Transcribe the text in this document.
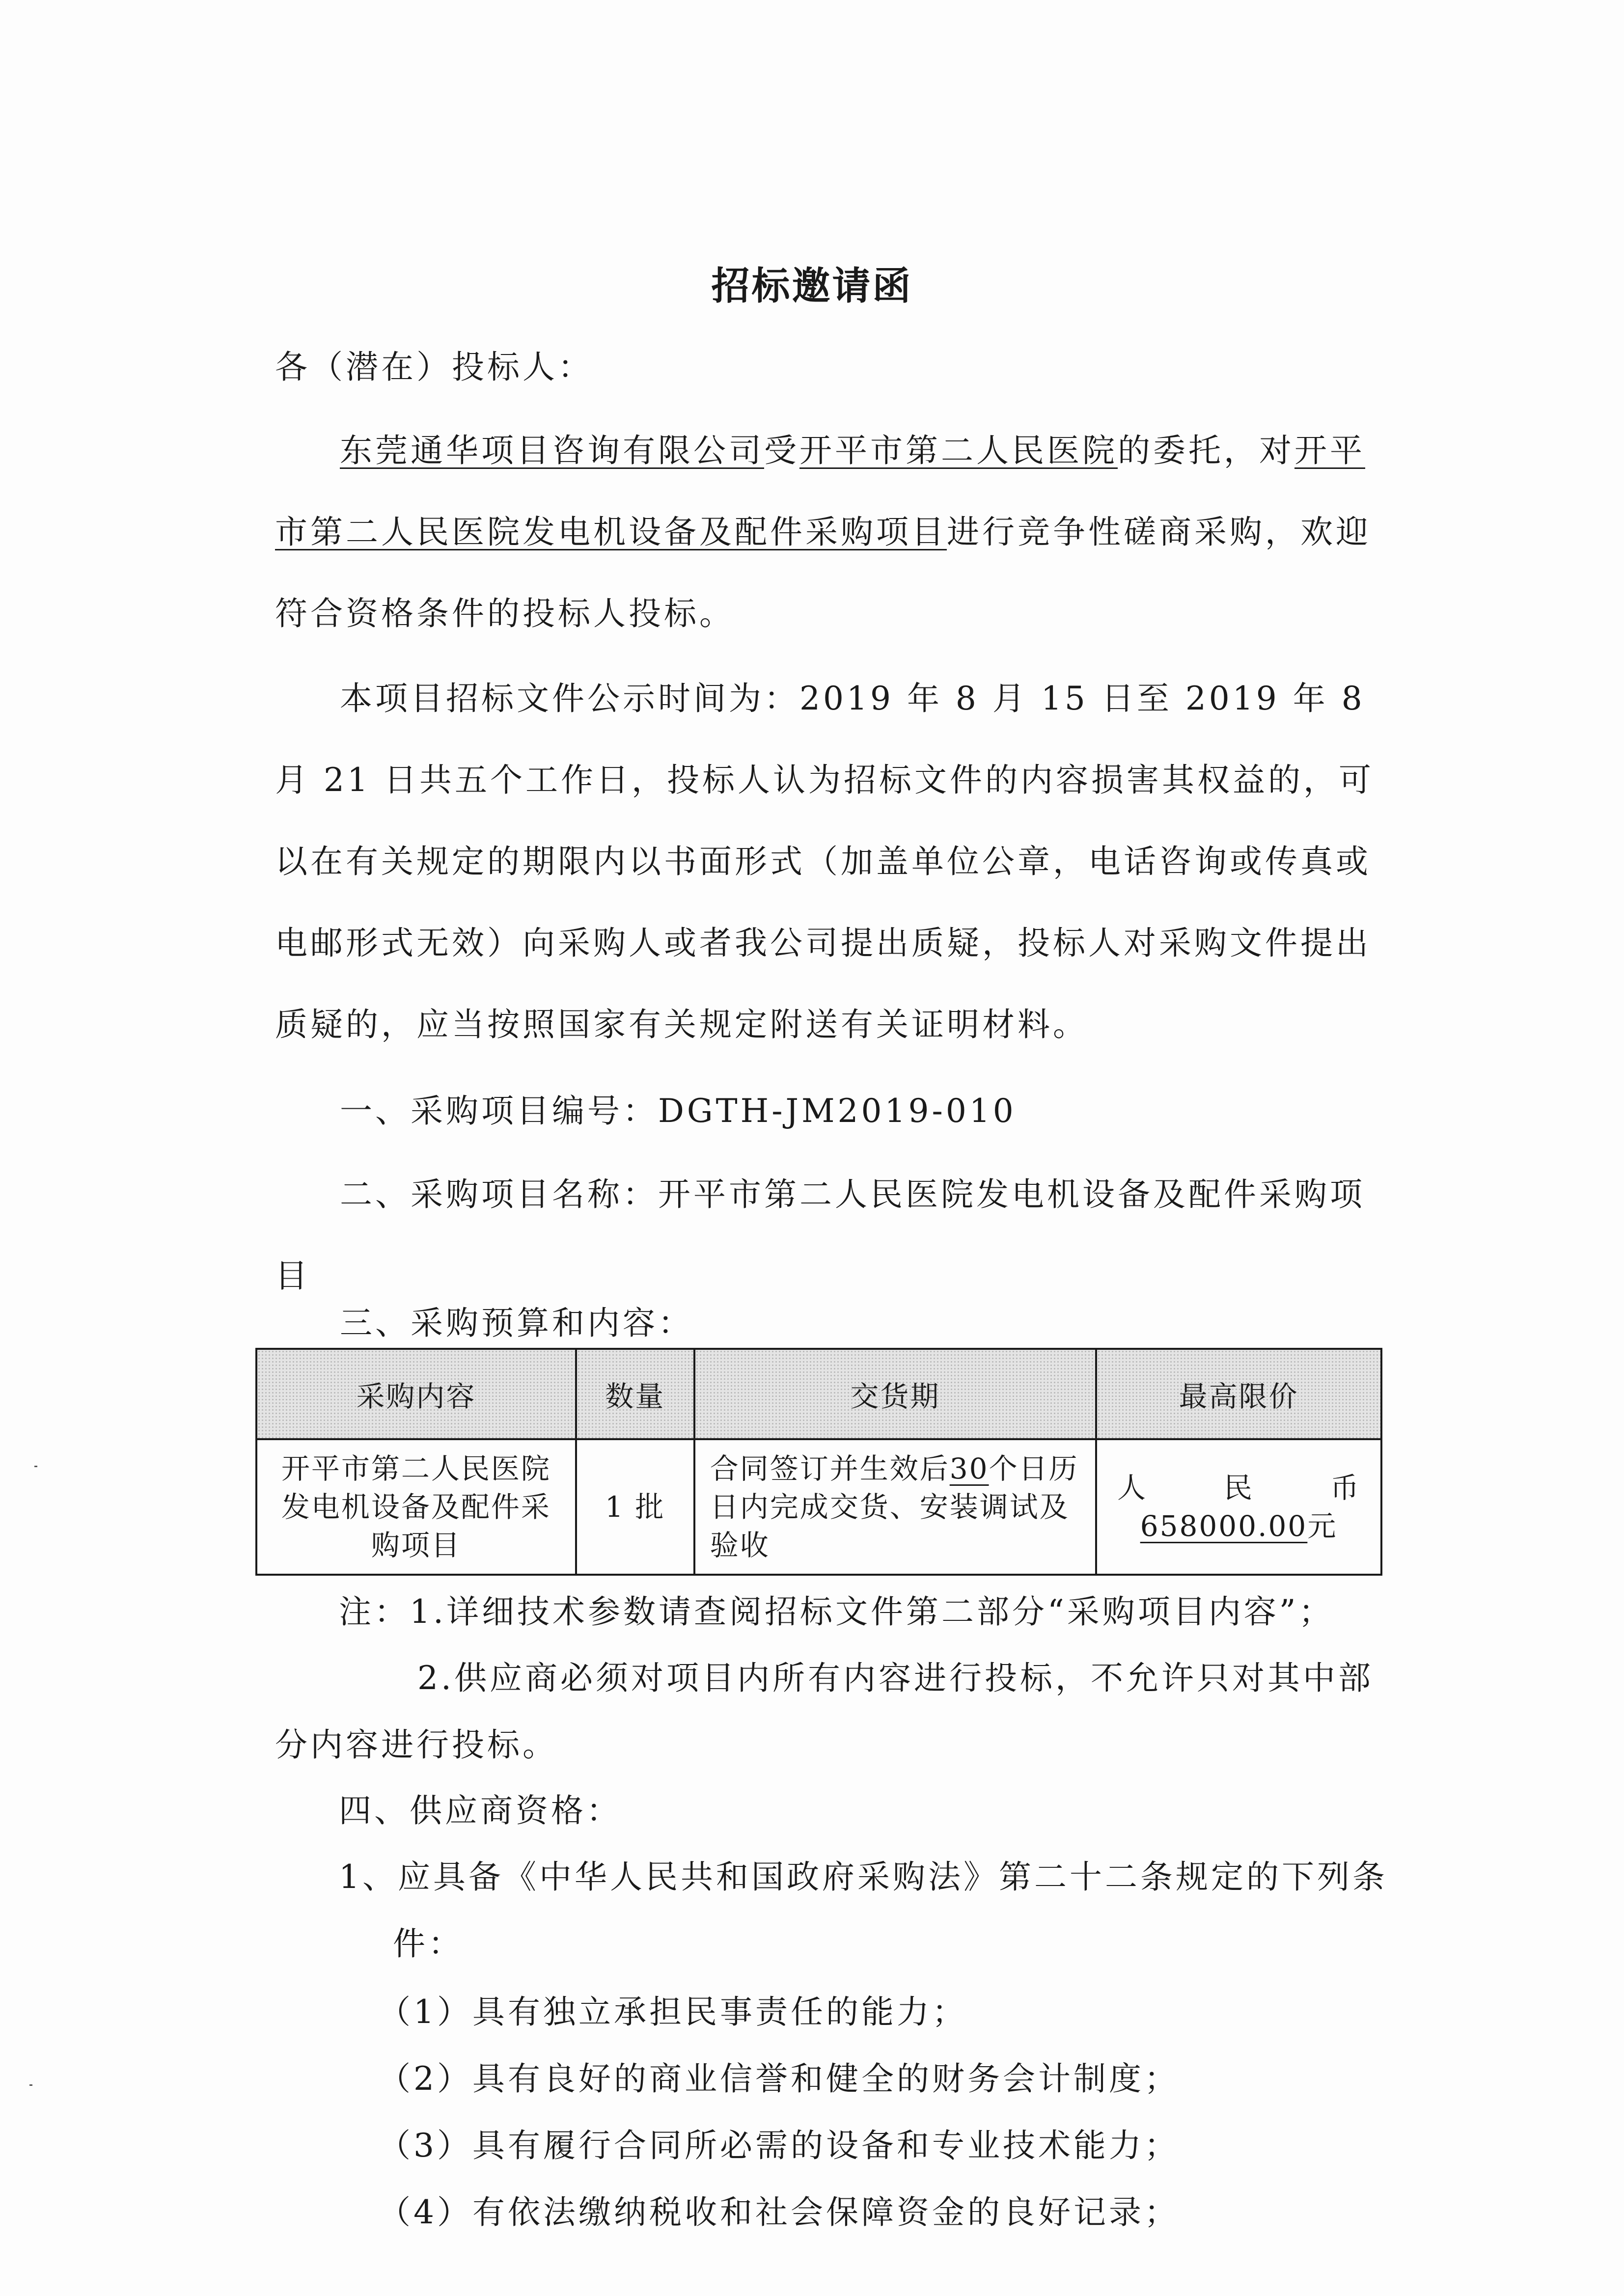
招标邀请函
各（潜在）投标人：
东莞通华项目咨询有限公司受开平市第二人民医院的委托，对开平市第二人民医院发电机设备及配件采购项目进行竞争性磋商采购，欢迎符合资格条件的投标人投标。
本项目招标文件公示时间为：2019 年 8 月 15 日至 2019 年 8 月 21 日共五个工作日，投标人认为招标文件的内容损害其权益的，可以在有关规定的期限内以书面形式（加盖单位公章，电话咨询或传真或电邮形式无效）向采购人或者我公司提出质疑，投标人对采购文件提出质疑的，应当按照国家有关规定附送有关证明材料。
一、采购项目编号：DGTH-JM2019-010
二、采购项目名称：开平市第二人民医院发电机设备及配件采购项目
三、采购预算和内容：
采购内容	数量	交货期	最高限价
开平市第二人民医院发电机设备及配件采购项目	1 批	合同签订并生效后30个日历日内完成交货、安装调试及验收	人 民 币
658000.00元
注：1.详细技术参数请查阅招标文件第二部分“采购项目内容”；
2.供应商必须对项目内所有内容进行投标，不允许只对其中部分内容进行投标。
四、供应商资格：
1、应具备《中华人民共和国政府采购法》第二十二条规定的下列条件：
（1）具有独立承担民事责任的能力；
（2）具有良好的商业信誉和健全的财务会计制度；
（3）具有履行合同所必需的设备和专业技术能力；
（4）有依法缴纳税收和社会保障资金的良好记录；
